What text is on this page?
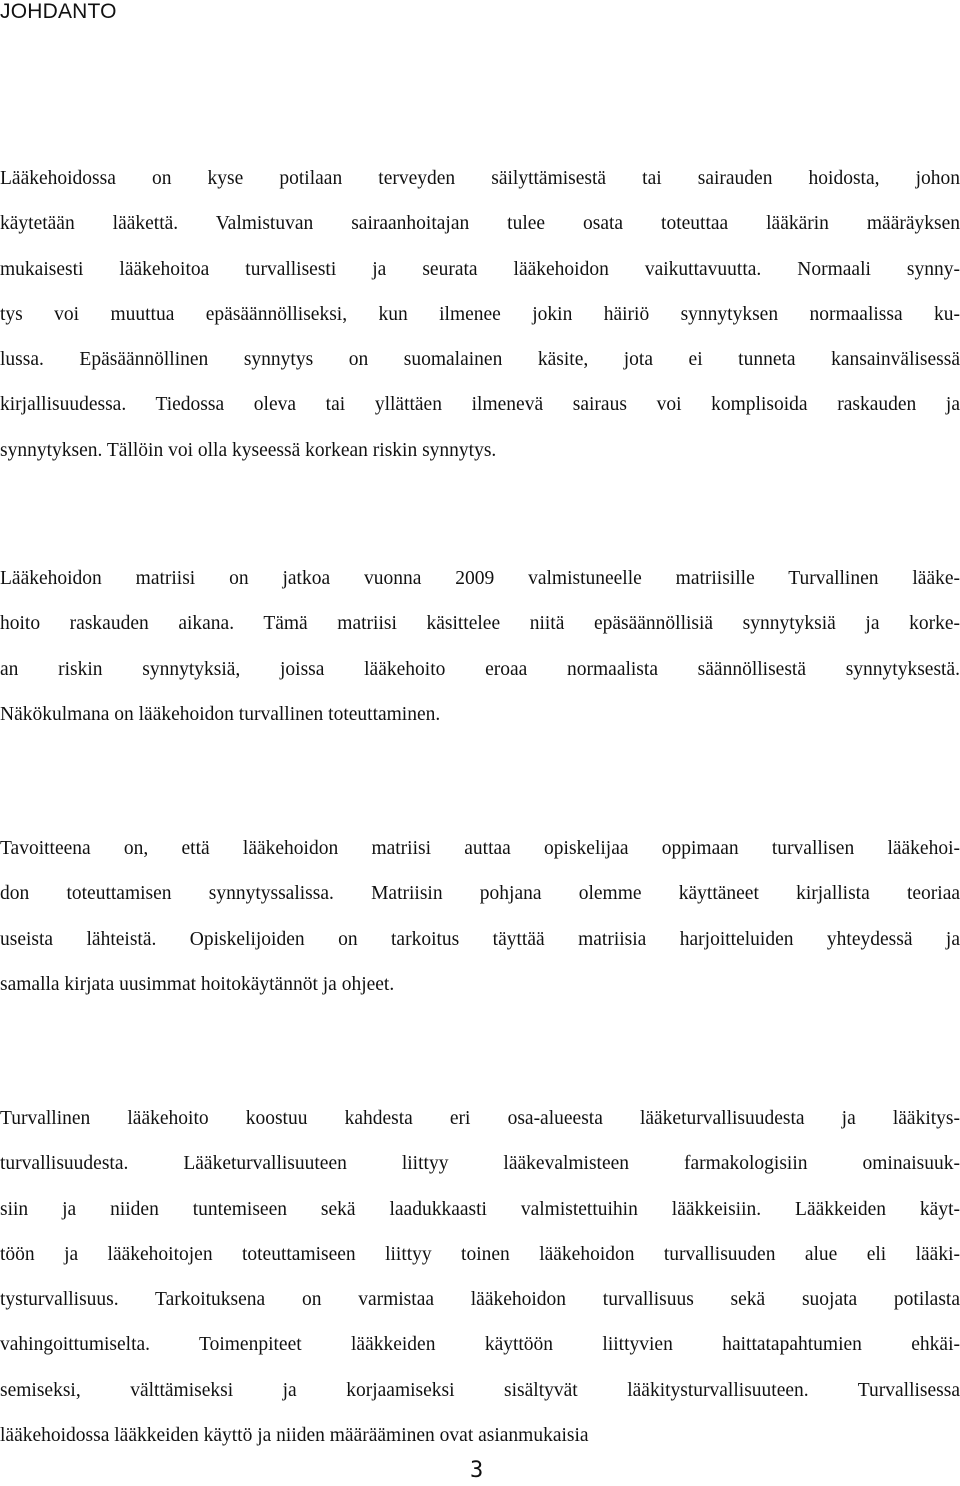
JOHDANTO
Lääkehoidossa on kyse potilaan terveyden säilyttämisestä tai sairauden hoidosta, johon
käytetään lääkettä. Valmistuvan sairaanhoitajan tulee osata toteuttaa lääkärin määräyksen
mukaisesti lääkehoitoa turvallisesti ja seurata lääkehoidon vaikuttavuutta. Normaali synny-
tys voi muuttua epäsäännölliseksi, kun ilmenee jokin häiriö synnytyksen normaalissa ku-
lussa. Epäsäännöllinen synnytys on suomalainen käsite, jota ei tunneta kansainvälisessä
kirjallisuudessa. Tiedossa oleva tai yllättäen ilmenevä sairaus voi komplisoida raskauden ja
synnytyksen. Tällöin voi olla kyseessä korkean riskin synnytys.
Lääkehoidon matriisi on jatkoa vuonna 2009 valmistuneelle matriisille Turvallinen lääke-
hoito raskauden aikana. Tämä matriisi käsittelee niitä epäsäännöllisiä synnytyksiä ja korke-
an riskin synnytyksiä, joissa lääkehoito eroaa normaalista säännöllisestä synnytyksestä.
Näkökulmana on lääkehoidon turvallinen toteuttaminen.
Tavoitteena on, että lääkehoidon matriisi auttaa opiskelijaa oppimaan turvallisen lääkehoi-
don toteuttamisen synnytyssalissa. Matriisin pohjana olemme käyttäneet kirjallista teoriaa
useista lähteistä. Opiskelijoiden on tarkoitus täyttää matriisia harjoitteluiden yhteydessä ja
samalla kirjata uusimmat hoitokäytännöt ja ohjeet.
Turvallinen lääkehoito koostuu kahdesta eri osa-alueesta lääketurvallisuudesta ja lääkitys-
turvallisuudesta. Lääketurvallisuuteen liittyy lääkevalmisteen farmakologisiin ominaisuuk-
siin ja niiden tuntemiseen sekä laadukkaasti valmistettuihin lääkkeisiin. Lääkkeiden käyt-
töön ja lääkehoitojen toteuttamiseen liittyy toinen lääkehoidon turvallisuuden alue eli lääki-
tysturvallisuus. Tarkoituksena on varmistaa lääkehoidon turvallisuus sekä suojata potilasta
vahingoittumiselta. Toimenpiteet lääkkeiden käyttöön liittyvien haittatapahtumien ehkäi-
semiseksi, välttämiseksi ja korjaamiseksi sisältyvät lääkitysturvallisuuteen. Turvallisessa
lääkehoidossa lääkkeiden käyttö ja niiden määrääminen ovat asianmukaisia
3
